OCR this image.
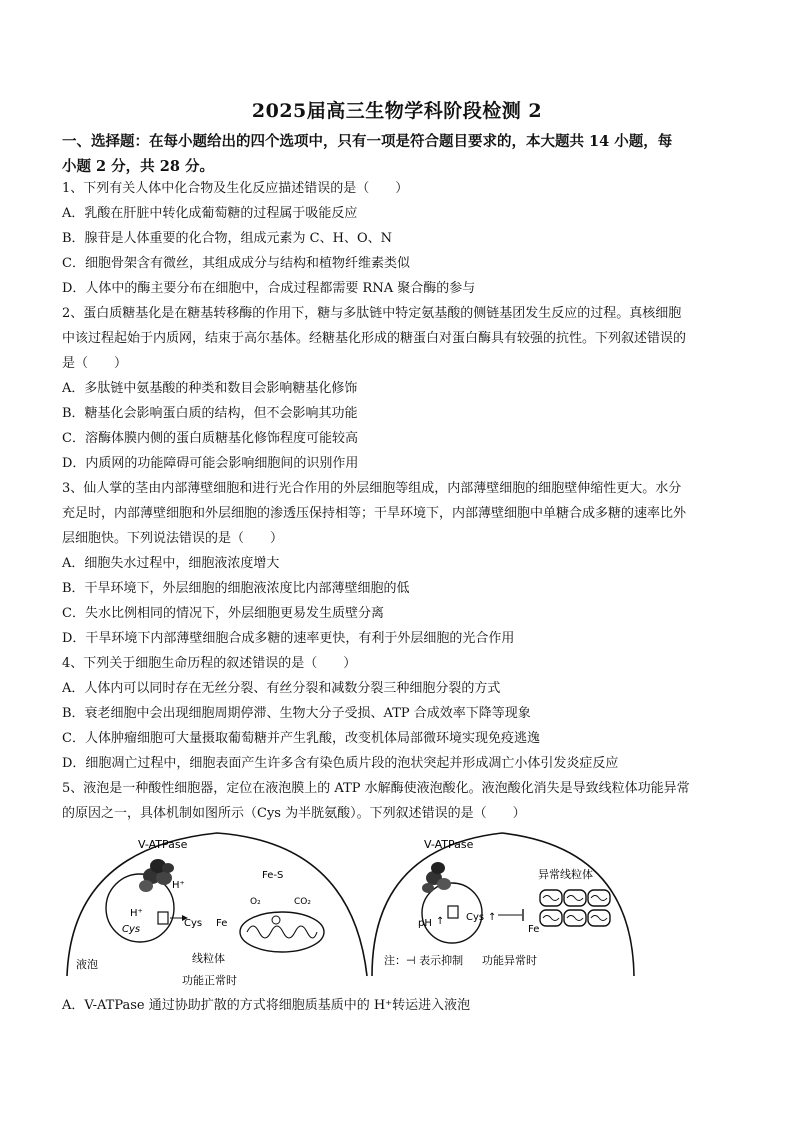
2025届高三生物学科阶段检测 2
一、选择题：在每小题给出的四个选项中，只有一项是符合题目要求的，本大题共 14 小题，每
小题 2 分，共 28 分。
1、下列有关人体中化合物及生化反应描述错误的是（　　）
A．乳酸在肝脏中转化成葡萄糖的过程属于吸能反应
B．腺苷是人体重要的化合物，组成元素为 C、H、O、N
C．细胞骨架含有微丝，其组成成分与结构和植物纤维素类似
D．人体中的酶主要分布在细胞中，合成过程都需要 RNA 聚合酶的参与
2、蛋白质糖基化是在糖基转移酶的作用下，糖与多肽链中特定氨基酸的侧链基团发生反应的过程。真核细胞
中该过程起始于内质网，结束于高尔基体。经糖基化形成的糖蛋白对蛋白酶具有较强的抗性。下列叙述错误的
是（　　）
A．多肽链中氨基酸的种类和数目会影响糖基化修饰
B．糖基化会影响蛋白质的结构，但不会影响其功能
C．溶酶体膜内侧的蛋白质糖基化修饰程度可能较高
D．内质网的功能障碍可能会影响细胞间的识别作用
3、仙人掌的茎由内部薄壁细胞和进行光合作用的外层细胞等组成，内部薄壁细胞的细胞壁伸缩性更大。水分
充足时，内部薄壁细胞和外层细胞的渗透压保持相等；干旱环境下，内部薄壁细胞中单糖合成多糖的速率比外
层细胞快。下列说法错误的是（　　）
A．细胞失水过程中，细胞液浓度增大
B．干旱环境下，外层细胞的细胞液浓度比内部薄壁细胞的低
C．失水比例相同的情况下，外层细胞更易发生质壁分离
D．干旱环境下内部薄壁细胞合成多糖的速率更快，有利于外层细胞的光合作用
4、下列关于细胞生命历程的叙述错误的是（　　）
A．人体内可以同时存在无丝分裂、有丝分裂和减数分裂三种细胞分裂的方式
B．衰老细胞中会出现细胞周期停滞、生物大分子受损、ATP 合成效率下降等现象
C．人体肿瘤细胞可大量摄取葡萄糖并产生乳酸，改变机体局部微环境实现免疫逃逸
D．细胞凋亡过程中，细胞表面产生许多含有染色质片段的泡状突起并形成凋亡小体引发炎症反应
5、液泡是一种酸性细胞器，定位在液泡膜上的 ATP 水解酶使液泡酸化。液泡酸化消失是导致线粒体功能异常
的原因之一，具体机制如图所示（Cys 为半胱氨酸）。下列叙述错误的是（　　）
V-ATPase
H⁺
H⁺
Cys
Cys Fe
Fe-S
O₂	CO₂
液泡	线粒体
功能正常时
V-ATPase
pH ↑ Cys ↑
Fe
异常线粒体
注：⊣ 表示抑制 功能异常时
A．V-ATPase 通过协助扩散的方式将细胞质基质中的 H⁺转运进入液泡
